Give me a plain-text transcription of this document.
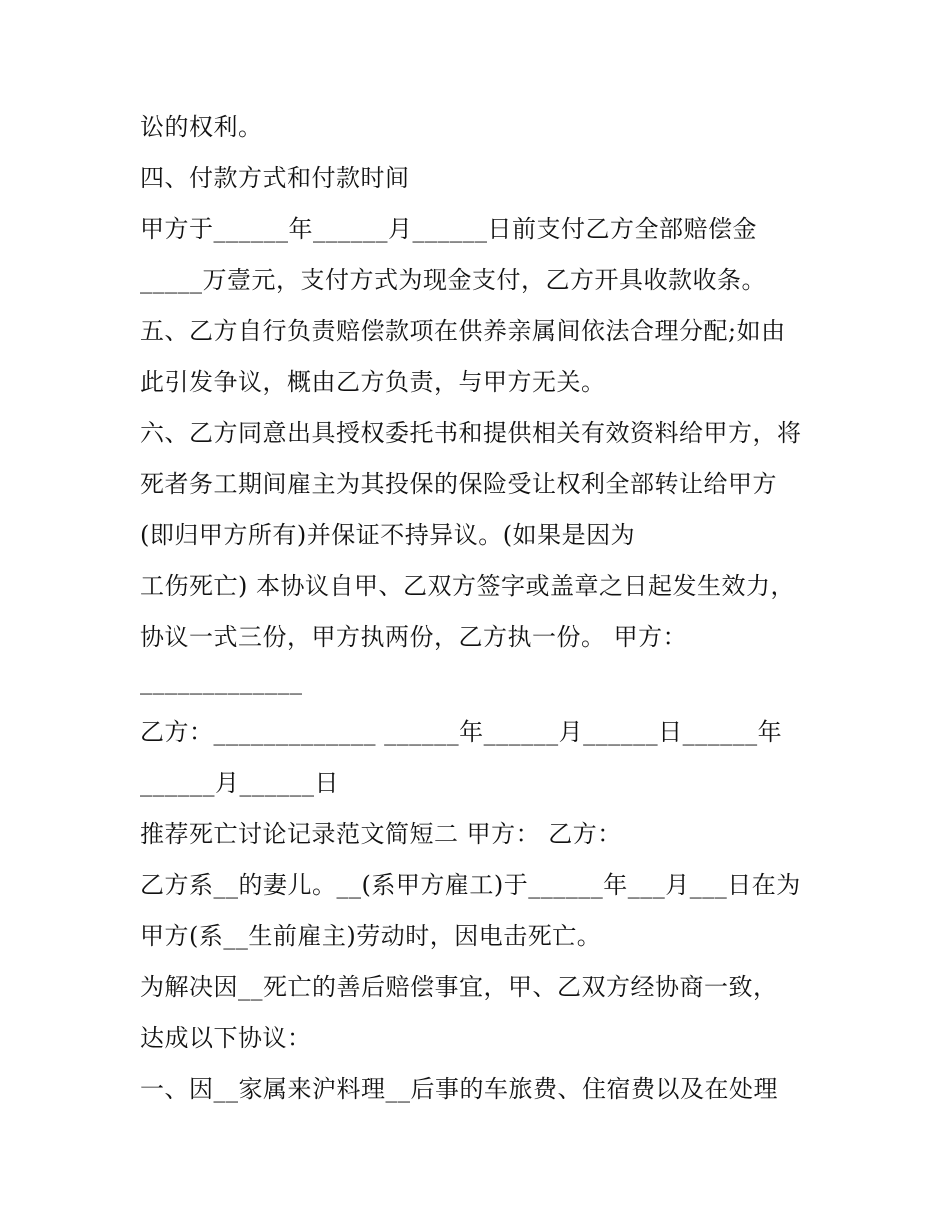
讼的权利。
四、付款方式和付款时间
甲方于______年______月______日前支付乙方全部赔偿金
_____万壹元，支付方式为现金支付，乙方开具收款收条。
五、乙方自行负责赔偿款项在供养亲属间依法合理分配;如由
此引发争议，概由乙方负责，与甲方无关。
六、乙方同意出具授权委托书和提供相关有效资料给甲方，将
死者务工期间雇主为其投保的保险受让权利全部转让给甲方
(即归甲方所有)并保证不持异议。(如果是因为
工伤死亡) 本协议自甲、乙双方签字或盖章之日起发生效力，
协议一式三份，甲方执两份，乙方执一份。 甲方：
_____________
乙方：_____________ ______年______月______日______年
______月______日
推荐死亡讨论记录范文简短二 甲方： 乙方：
乙方系__的妻儿。__(系甲方雇工)于______年___月___日在为
甲方(系__生前雇主)劳动时，因电击死亡。
为解决因__死亡的善后赔偿事宜，甲、乙双方经协商一致，
达成以下协议：
一、因__家属来沪料理__后事的车旅费、住宿费以及在处理
